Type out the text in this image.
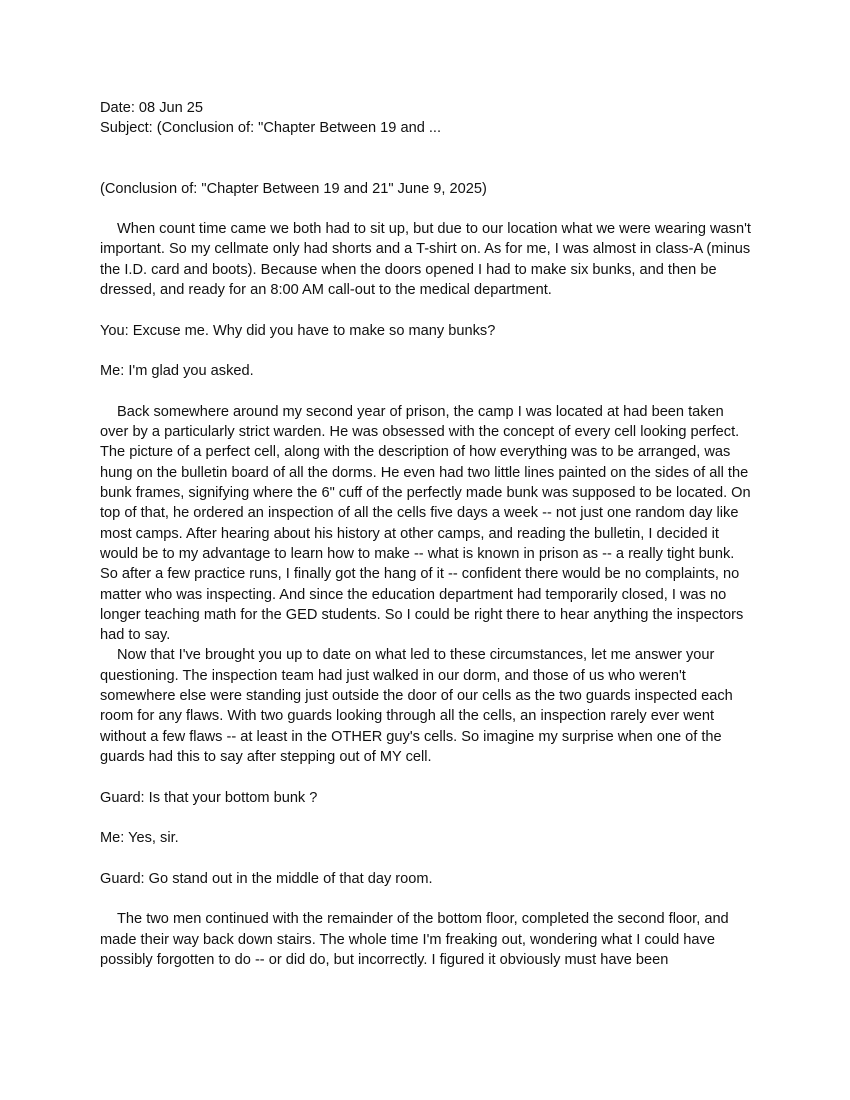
Date: 08 Jun 25

Subject: (Conclusion of: "Chapter Between 19 and ...

(Conclusion of: "Chapter Between 19 and 21" June 9, 2025)

When count time came we both had to sit up, but due to our location what we were wearing wasn't important. So my cellmate only had shorts and a T-shirt on. As for me, I was almost in class-A (minus the I.D. card and boots). Because when the doors opened I had to make six bunks, and then be dressed, and ready for an 8:00 AM call-out to the medical department.

You: Excuse me. Why did you have to make so many bunks?

Me: I'm glad you asked.

Back somewhere around my second year of prison, the camp I was located at had been taken over by a particularly strict warden. He was obsessed with the concept of every cell looking perfect. The picture of a perfect cell, along with the description of how everything was to be arranged, was hung on the bulletin board of all the dorms. He even had two little lines painted on the sides of all the bunk frames, signifying where the 6" cuff of the perfectly made bunk was supposed to be located. On top of that, he ordered an inspection of all the cells five days a week -- not just one random day like most camps. After hearing about his history at other camps, and reading the bulletin, I decided it would be to my advantage to learn how to make -- what is known in prison as -- a really tight bunk. So after a few practice runs, I finally got the hang of it -- confident there would be no complaints, no matter who was inspecting. And since the education department had temporarily closed, I was no longer teaching math for the GED students. So I could be right there to hear anything the inspectors had to say.

Now that I've brought you up to date on what led to these circumstances, let me answer your questioning. The inspection team had just walked in our dorm, and those of us who weren't somewhere else were standing just outside the door of our cells as the two guards inspected each room for any flaws. With two guards looking through all the cells, an inspection rarely ever went without a few flaws -- at least in the OTHER guy's cells. So imagine my surprise when one of the guards had this to say after stepping out of MY cell.

Guard: Is that your bottom bunk ?

Me: Yes, sir.

Guard: Go stand out in the middle of that day room.

The two men continued with the remainder of the bottom floor, completed the second floor, and made their way back down stairs. The whole time I'm freaking out, wondering what I could have possibly forgotten to do -- or did do, but incorrectly. I figured it obviously must have been
